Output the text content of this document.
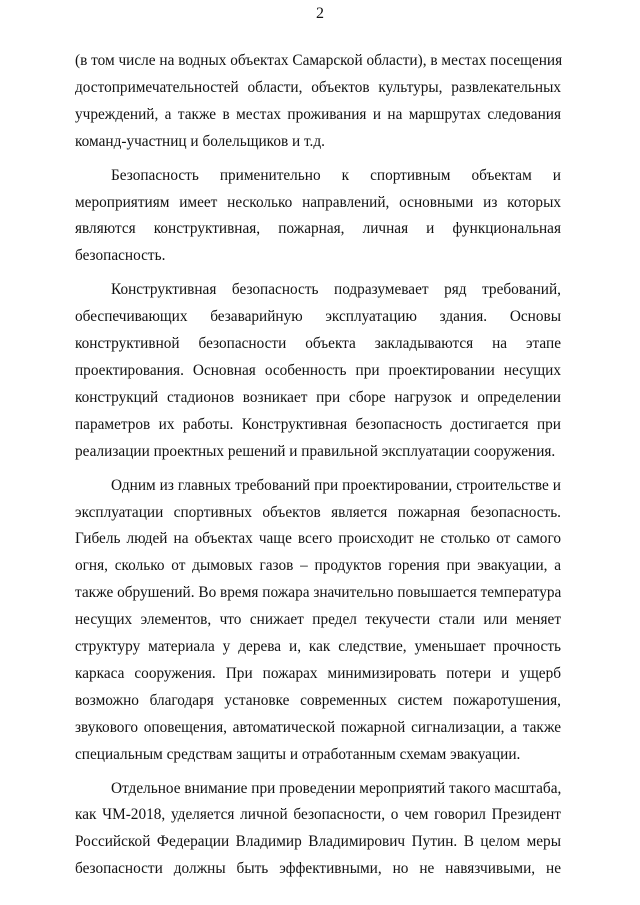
2

(в том числе на водных объектах Самарской области), в местах посещения
достопримечательностей области, объектов культуры, развлекательных
учреждений, а также в местах проживания и на маршрутах следования
команд-участниц и болельщиков и т.д.

Безопасность применительно к спортивным объектам и
мероприятиям имеет несколько направлений, основными из которых
являются конструктивная, пожарная, личная и функциональная
безопасность.

Конструктивная безопасность подразумевает ряд требований,
обеспечивающих безаварийную эксплуатацию здания. Основы
конструктивной безопасности объекта закладываются на этапе
проектирования. Основная особенность при проектировании несущих
конструкций стадионов возникает при сборе нагрузок и определении
параметров их работы. Конструктивная безопасность достигается при
реализации проектных решений и правильной эксплуатации сооружения.

Одним из главных требований при проектировании, строительстве и
эксплуатации спортивных объектов является пожарная безопасность.
Гибель людей на объектах чаще всего происходит не столько от самого
огня, сколько от дымовых газов – продуктов горения при эвакуации, а
также обрушений. Во время пожара значительно повышается температура
несущих элементов, что снижает предел текучести стали или меняет
структуру материала у дерева и, как следствие, уменьшает прочность
каркаса сооружения. При пожарах минимизировать потери и ущерб
возможно благодаря установке современных систем пожаротушения,
звукового оповещения, автоматической пожарной сигнализации, а также
специальным средствам защиты и отработанным схемам эвакуации.

Отдельное внимание при проведении мероприятий такого масштаба,
как ЧМ-2018, уделяется личной безопасности, о чем говорил Президент
Российской Федерации Владимир Владимирович Путин. В целом меры
безопасности должны быть эффективными, но не навязчивыми, не
